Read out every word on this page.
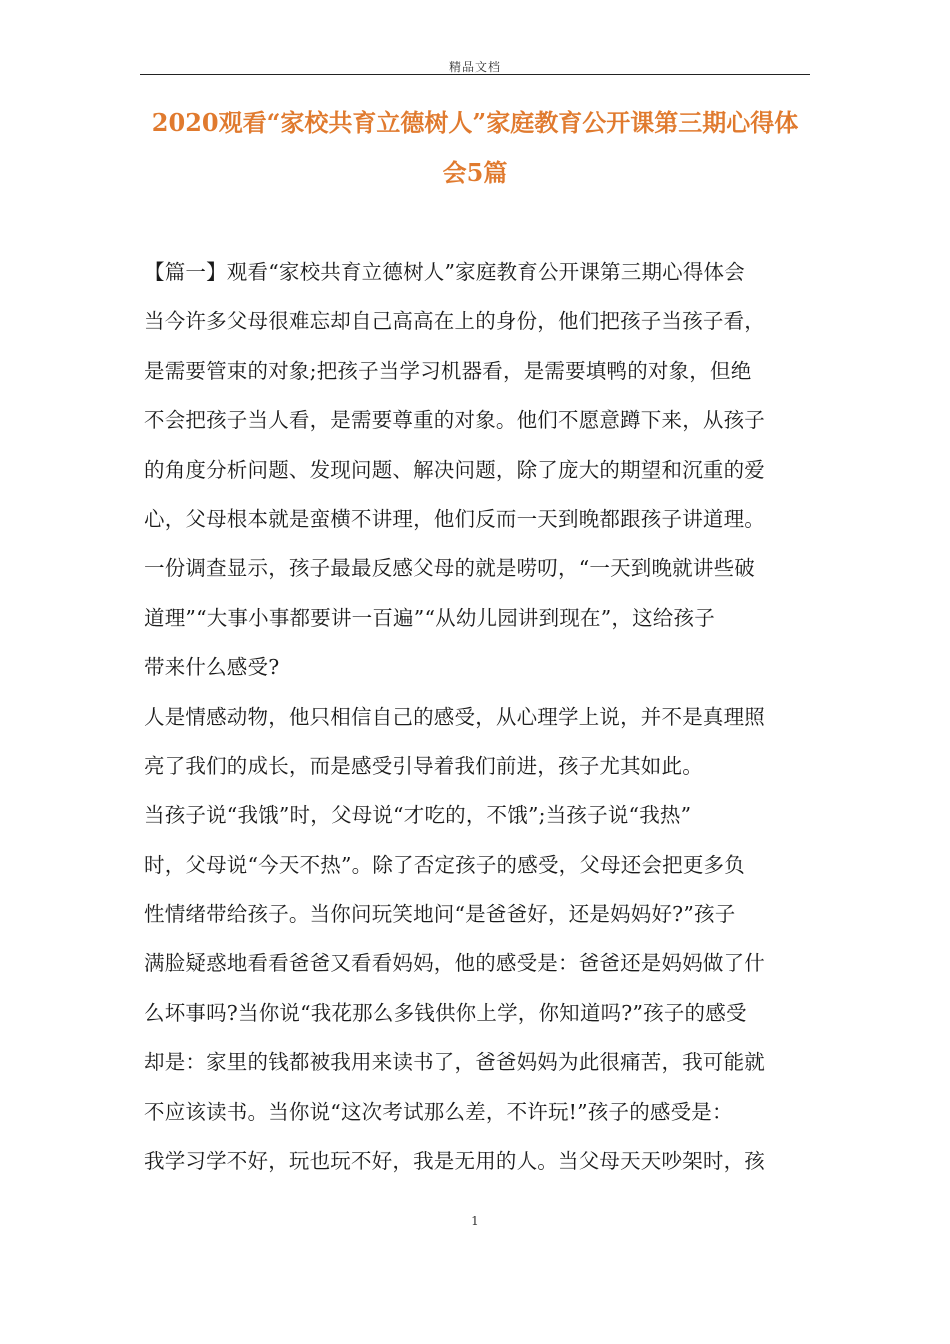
精品文档
2020观看“家校共育立德树人”家庭教育公开课第三期心得体
会5篇
【篇一】观看“家校共育立德树人”家庭教育公开课第三期心得体会
当今许多父母很难忘却自己高高在上的身份，他们把孩子当孩子看，
是需要管束的对象;把孩子当学习机器看，是需要填鸭的对象，但绝
不会把孩子当人看，是需要尊重的对象。他们不愿意蹲下来，从孩子
的角度分析问题、发现问题、解决问题，除了庞大的期望和沉重的爱
心，父母根本就是蛮横不讲理，他们反而一天到晚都跟孩子讲道理。
一份调查显示，孩子最最反感父母的就是唠叨，“一天到晚就讲些破
道理”“大事小事都要讲一百遍”“从幼儿园讲到现在”，这给孩子
带来什么感受?
人是情感动物，他只相信自己的感受，从心理学上说，并不是真理照
亮了我们的成长，而是感受引导着我们前进，孩子尤其如此。
当孩子说“我饿”时，父母说“才吃的，不饿”;当孩子说“我热”
时，父母说“今天不热”。除了否定孩子的感受，父母还会把更多负
性情绪带给孩子。当你问玩笑地问“是爸爸好，还是妈妈好?”孩子
满脸疑惑地看看爸爸又看看妈妈，他的感受是：爸爸还是妈妈做了什
么坏事吗?当你说“我花那么多钱供你上学，你知道吗?”孩子的感受
却是：家里的钱都被我用来读书了，爸爸妈妈为此很痛苦，我可能就
不应该读书。当你说“这次考试那么差，不许玩!”孩子的感受是：
我学习学不好，玩也玩不好，我是无用的人。当父母天天吵架时，孩
1
